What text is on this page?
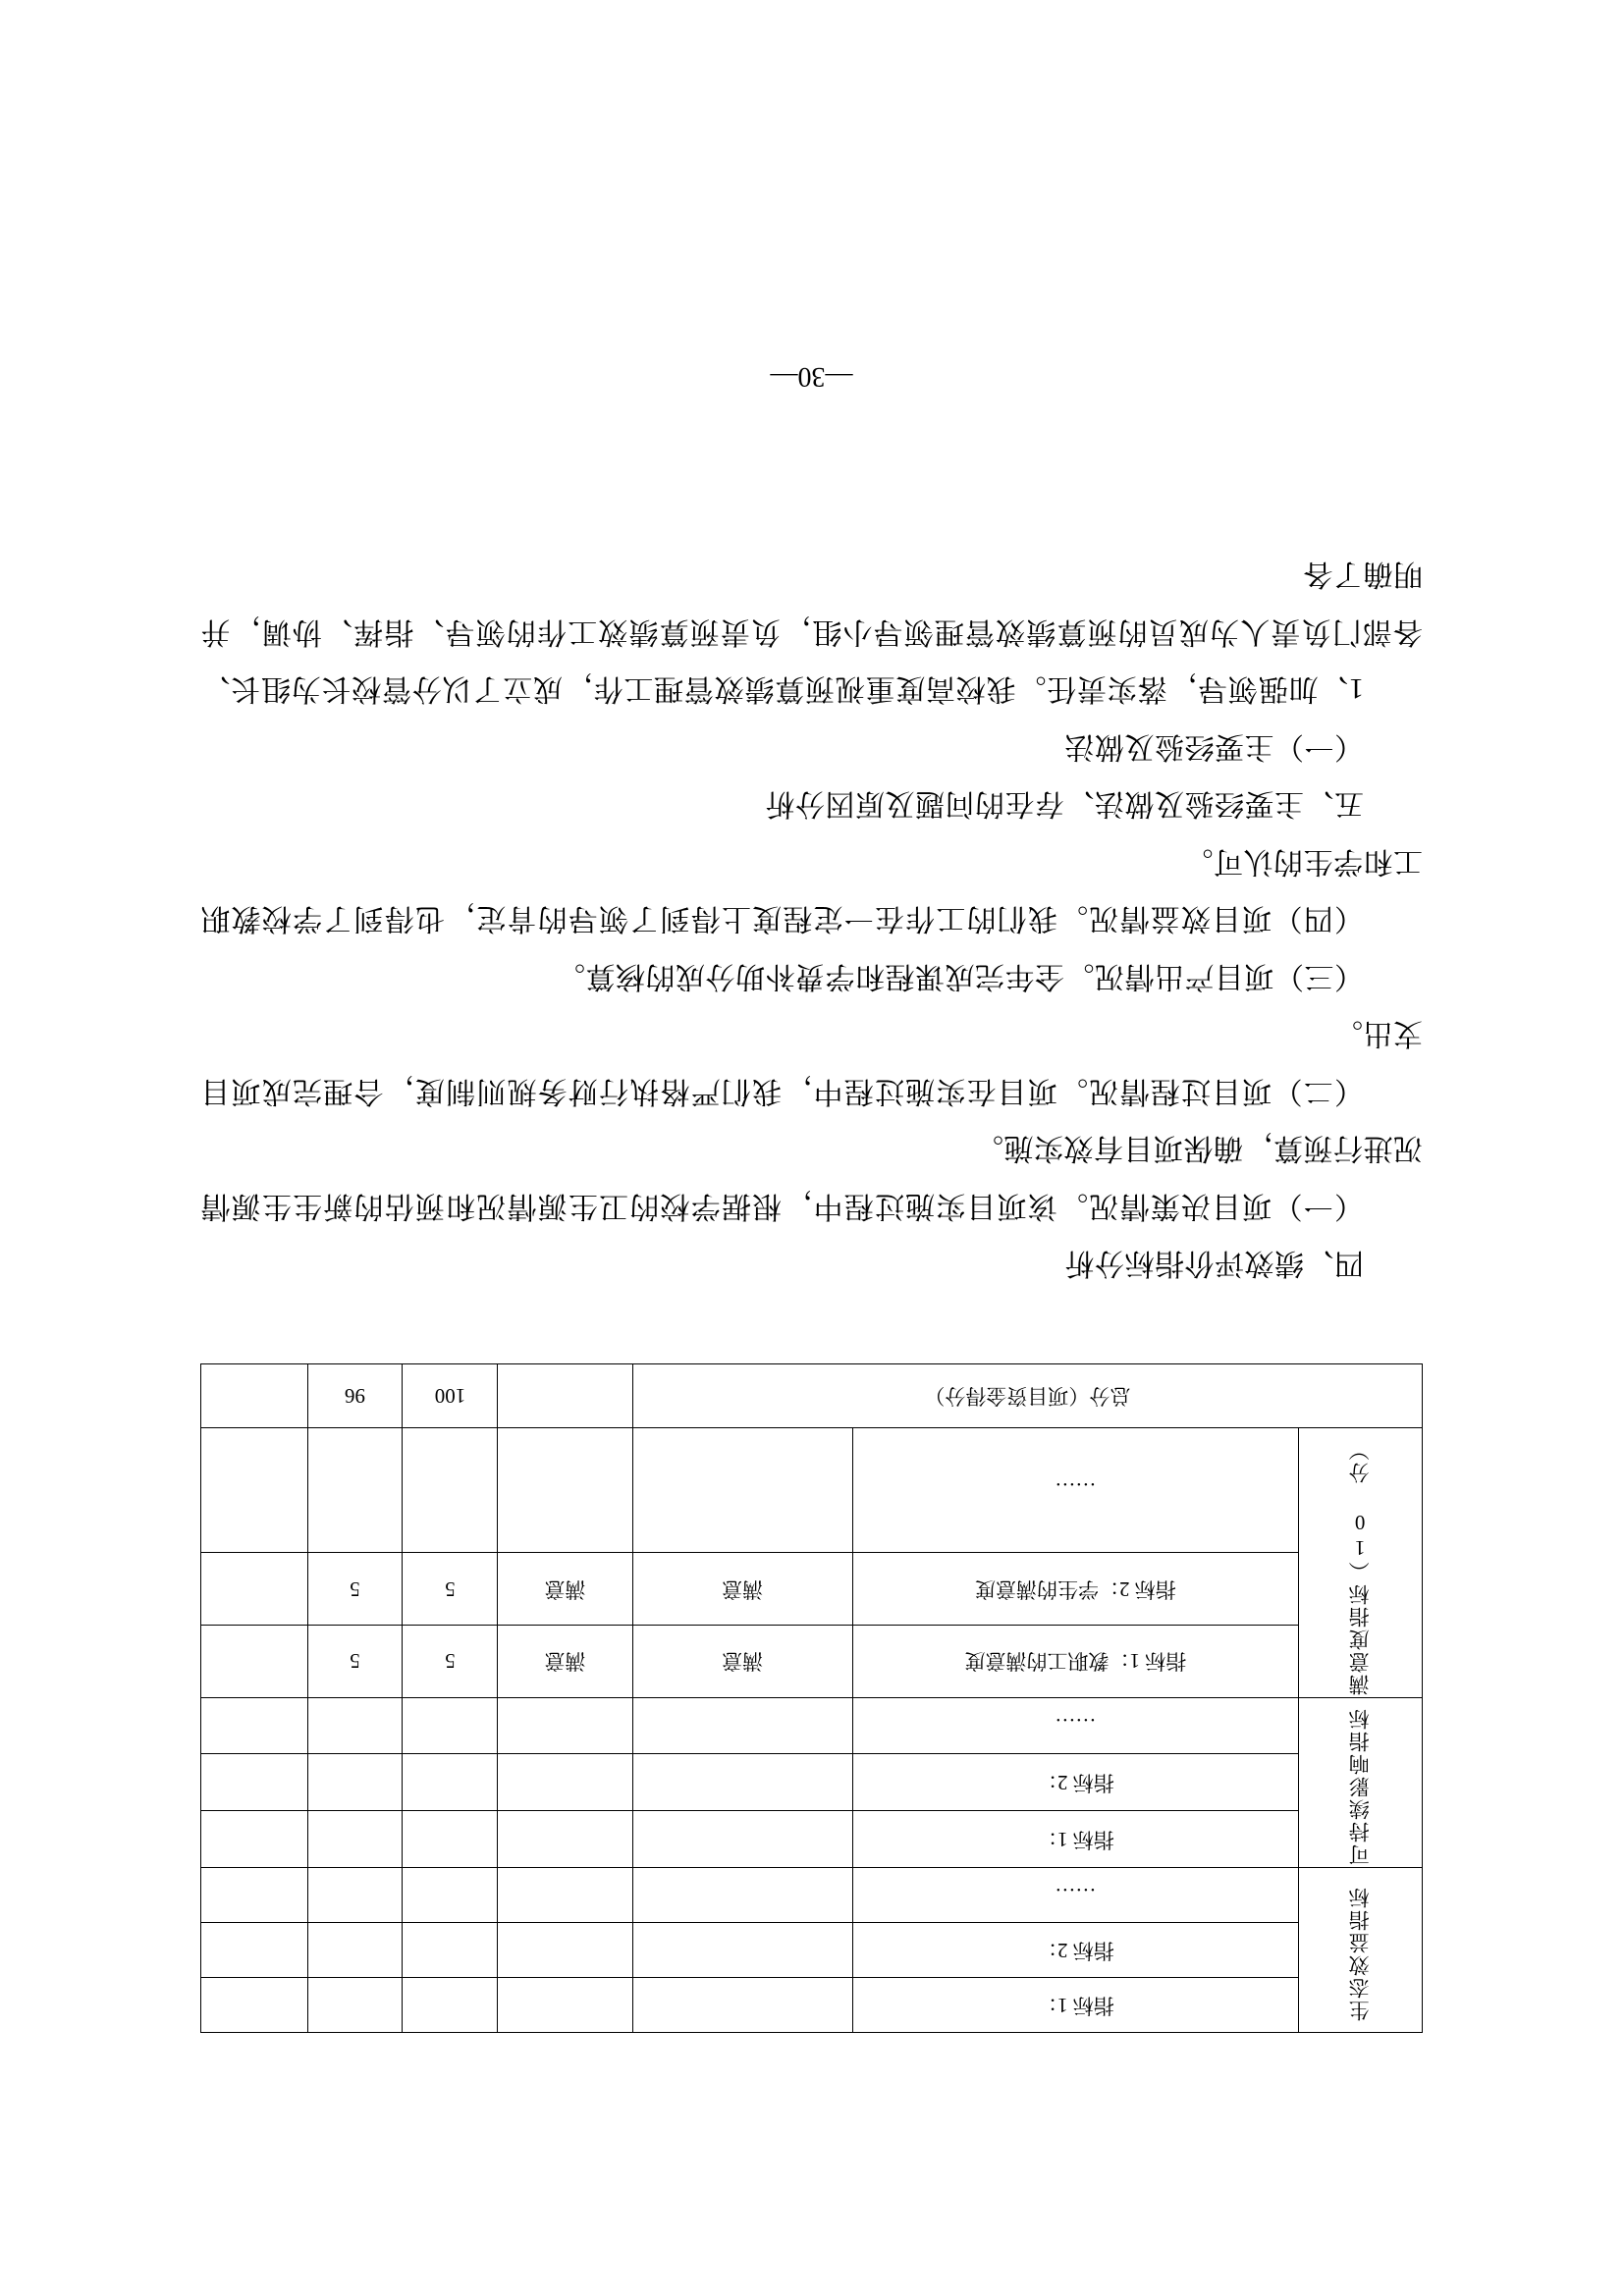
生态效益指标	指标 1：					
	指标 2：					
	……					
可持续影响指标	指标 1：					
	指标 2：					
	……					
满意度指标（10 分）	指标 1：教职工的满意度	满意	满意	5	5	
	指标 2：学生的满意度	满意	满意	5	5	
	……					
总分（项目资金得分）				100	96	

四、绩效评价指标分析

（一）项目决策情况。该项目实施过程中，根据学校的卫生源情况和预估的新生生源情况进行预算，确保项目有效实施。

（二）项目过程情况。项目在实施过程中，我们严格执行财务规则制度，合理完成项目支出。

（三）项目产出情况。全年完成课程和学费补助分成的核算。

（四）项目效益情况。我们的工作在一定程度上得到了领导的肯定，也得到了学校教职工和学生的认可。

五、主要经验及做法、存在的问题及原因分析

（一）主要经验及做法

1、加强领导，落实责任。我校高度重视预算绩效管理工作，成立了以分管校长为组长、各部门负责人为成员的预算绩效管理领导小组，负责预算绩效工作的领导、指挥、协调，并明确了各

—30—
